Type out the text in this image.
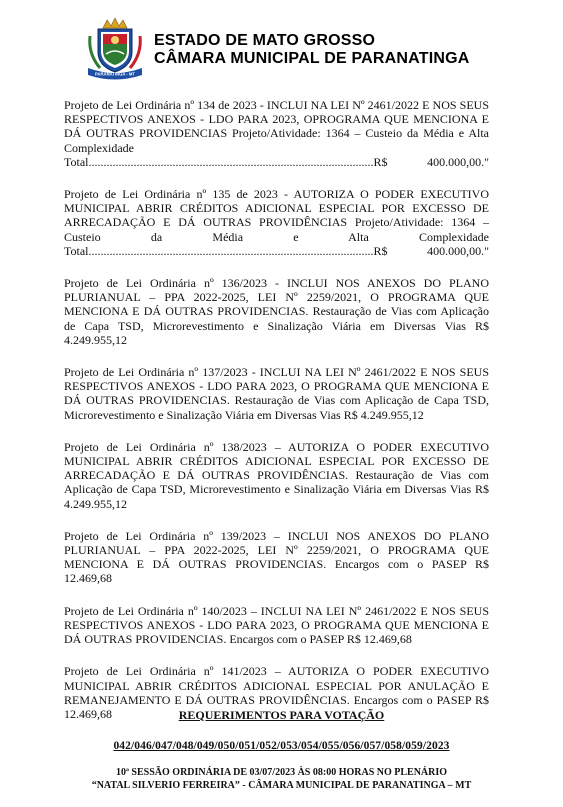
PARANATINGA - MT
ESTADO DE MATO GROSSO
CÂMARA MUNICIPAL DE PARANATINGA
Projeto de Lei Ordinária nº 134 de 2023 - INCLUI NA LEI Nº 2461/2022 E NOS SEUS RESPECTIVOS ANEXOS - LDO PARA 2023, OPROGRAMA QUE MENCIONA E DÁ OUTRAS PROVIDENCIAS Projeto/Atividade: 1364 – Custeio da Média e Alta Complexidade
Total...............................................................................................R$ 400.000,00."
Projeto de Lei Ordinária nº 135 de 2023 - AUTORIZA O PODER EXECUTIVO MUNICIPAL ABRIR CRÉDITOS ADICIONAL ESPECIAL POR EXCESSO DE ARRECADAÇÃO E DÁ OUTRAS PROVIDÊNCIAS Projeto/Atividade: 1364 – Custeio da Média e Alta Complexidade
Total...............................................................................................R$ 400.000,00."
Projeto de Lei Ordinária nº 136/2023 - INCLUI NOS ANEXOS DO PLANO PLURIANUAL – PPA 2022-2025, LEI Nº 2259/2021, O PROGRAMA QUE MENCIONA E DÁ OUTRAS PROVIDENCIAS. Restauração de Vias com Aplicação de Capa TSD, Microrevestimento e Sinalização Viária em Diversas Vias R$ 4.249.955,12
Projeto de Lei Ordinária nº 137/2023 - INCLUI NA LEI Nº 2461/2022 E NOS SEUS RESPECTIVOS ANEXOS - LDO PARA 2023, O PROGRAMA QUE MENCIONA E DÁ OUTRAS PROVIDENCIAS. Restauração de Vias com Aplicação de Capa TSD, Microrevestimento e Sinalização Viária em Diversas Vias R$ 4.249.955,12
Projeto de Lei Ordinária nº 138/2023 – AUTORIZA O PODER EXECUTIVO MUNICIPAL ABRIR CRÉDITOS ADICIONAL ESPECIAL POR EXCESSO DE ARRECADAÇÃO E DÁ OUTRAS PROVIDÊNCIAS. Restauração de Vias com Aplicação de Capa TSD, Microrevestimento e Sinalização Viária em Diversas Vias R$ 4.249.955,12
Projeto de Lei Ordinária nº 139/2023 – INCLUI NOS ANEXOS DO PLANO PLURIANUAL – PPA 2022-2025, LEI Nº 2259/2021, O PROGRAMA QUE MENCIONA E DÁ OUTRAS PROVIDENCIAS. Encargos com o PASEP R$ 12.469,68
Projeto de Lei Ordinária nº 140/2023 – INCLUI NA LEI Nº 2461/2022 E NOS SEUS RESPECTIVOS ANEXOS - LDO PARA 2023, O PROGRAMA QUE MENCIONA E DÁ OUTRAS PROVIDENCIAS. Encargos com o PASEP R$ 12.469,68
Projeto de Lei Ordinária nº 141/2023 – AUTORIZA O PODER EXECUTIVO MUNICIPAL ABRIR CRÉDITOS ADICIONAL ESPECIAL POR ANULAÇÃO E REMANEJAMENTO E DÁ OUTRAS PROVIDÊNCIAS. Encargos com o PASEP R$ 12.469,68	REQUERIMENTOS PARA VOTAÇÃO
042/046/047/048/049/050/051/052/053/054/055/056/057/058/059/2023
10ª SESSÃO ORDINÁRIA DE 03/07/2023 ÀS 08:00 HORAS NO PLENÁRIO
“NATAL SILVERIO FERREIRA” - CÂMARA MUNICIPAL DE PARANATINGA – MT
